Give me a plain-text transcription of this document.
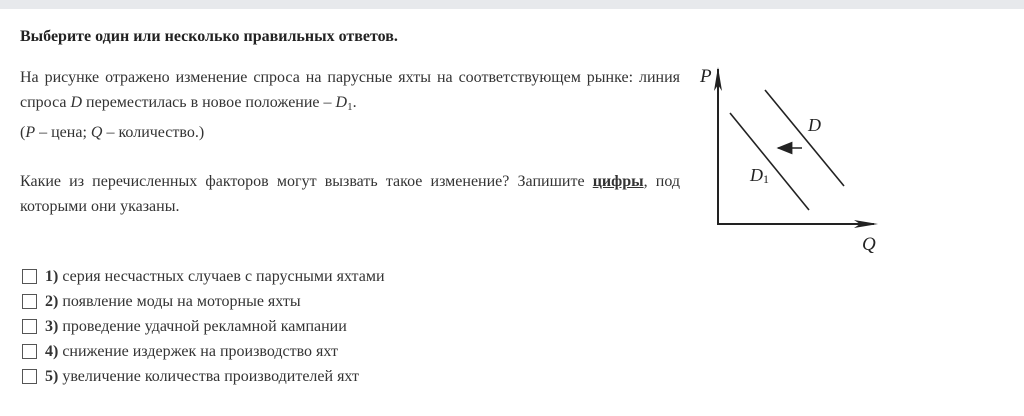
Выберите один или несколько правильных ответов.

На рисунке отражено изменение спроса на парусные яхты на соответствующем рынке: линия спроса D переместилась в новое положение – $D_1$.

(P – цена; Q – количество.)

Какие из перечисленных факторов могут вызвать такое изменение? Запишите цифры, под которыми они указаны.

P
Q
D
D1
1) серия несчастных случаев с парусными яхтами
2) появление моды на моторные яхты
3) проведение удачной рекламной кампании
4) снижение издержек на производство яхт
5) увеличение количества производителей яхт
